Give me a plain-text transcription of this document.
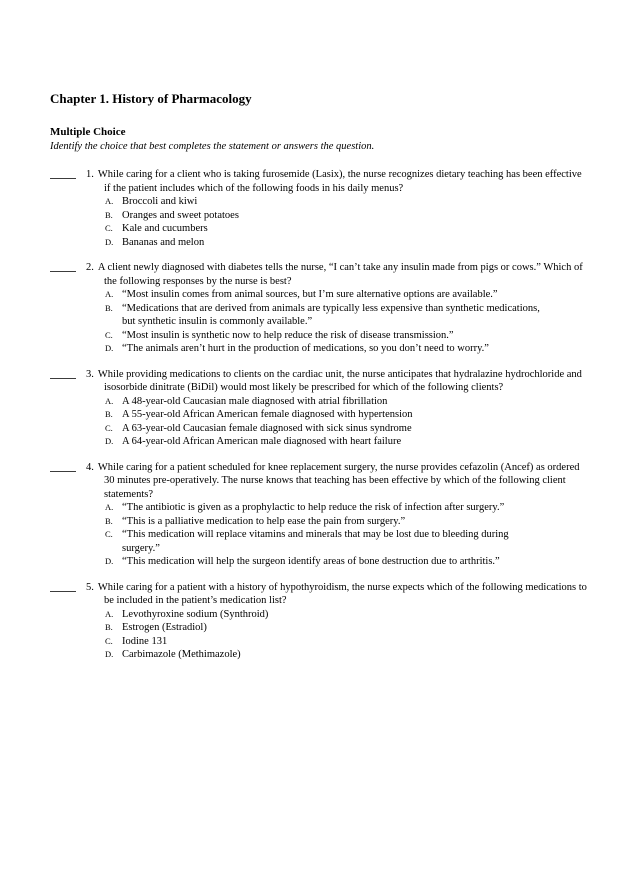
Chapter 1. History of Pharmacology
Multiple Choice
Identify the choice that best completes the statement or answers the question.
1. While caring for a client who is taking furosemide (Lasix), the nurse recognizes dietary teaching has been effective if the patient includes which of the following foods in his daily menus?
A. Broccoli and kiwi
B. Oranges and sweet potatoes
C. Kale and cucumbers
D. Bananas and melon
2. A client newly diagnosed with diabetes tells the nurse, “I can’t take any insulin made from pigs or cows.” Which of the following responses by the nurse is best?
A. “Most insulin comes from animal sources, but I’m sure alternative options are available.”
B. “Medications that are derived from animals are typically less expensive than synthetic medications, but synthetic insulin is commonly available.”
C. “Most insulin is synthetic now to help reduce the risk of disease transmission.”
D. “The animals aren’t hurt in the production of medications, so you don’t need to worry.”
3. While providing medications to clients on the cardiac unit, the nurse anticipates that hydralazine hydrochloride and isosorbide dinitrate (BiDil) would most likely be prescribed for which of the following clients?
A. A 48-year-old Caucasian male diagnosed with atrial fibrillation
B. A 55-year-old African American female diagnosed with hypertension
C. A 63-year-old Caucasian female diagnosed with sick sinus syndrome
D. A 64-year-old African American male diagnosed with heart failure
4. While caring for a patient scheduled for knee replacement surgery, the nurse provides cefazolin (Ancef) as ordered 30 minutes pre-operatively. The nurse knows that teaching has been effective by which of the following client statements?
A. “The antibiotic is given as a prophylactic to help reduce the risk of infection after surgery.”
B. “This is a palliative medication to help ease the pain from surgery.”
C. “This medication will replace vitamins and minerals that may be lost due to bleeding during surgery.”
D. “This medication will help the surgeon identify areas of bone destruction due to arthritis.”
5. While caring for a patient with a history of hypothyroidism, the nurse expects which of the following medications to be included in the patient’s medication list?
A. Levothyroxine sodium (Synthroid)
B. Estrogen (Estradiol)
C. Iodine 131
D. Carbimazole (Methimazole)
